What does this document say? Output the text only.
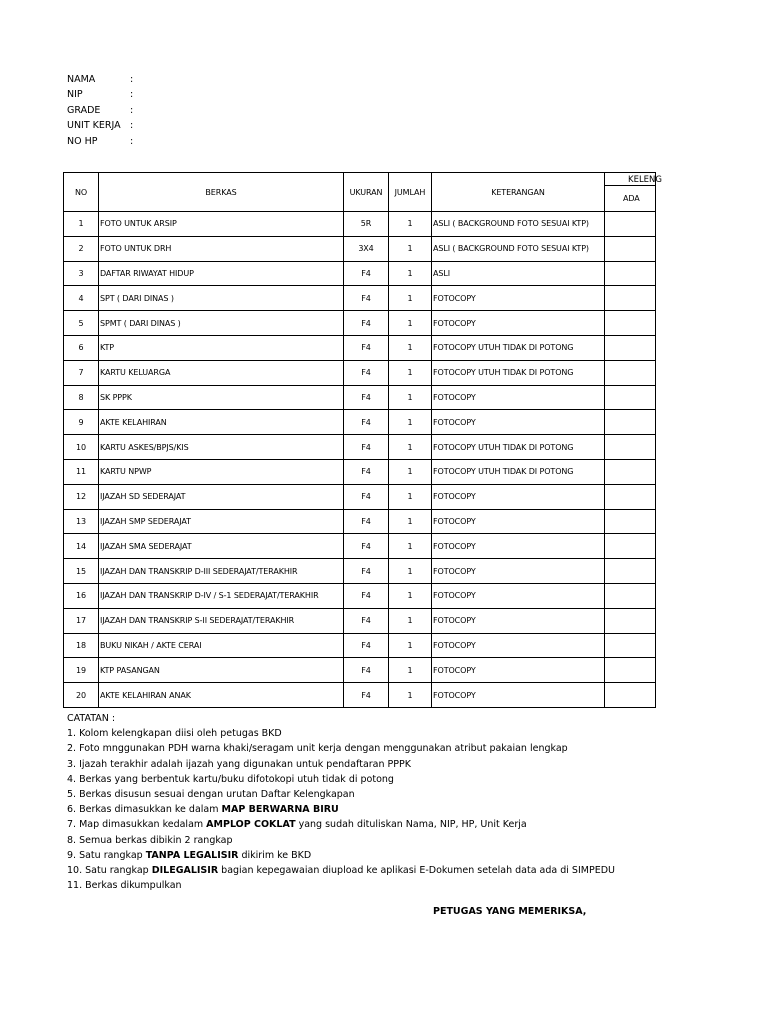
NAMA	:
NIP	:
GRADE	:
UNIT KERJA :
NO HP	:
KELENG
NO	BERKAS	UKURAN	JUMLAH	KETERANGAN	
					ADA
1	FOTO UNTUK ARSIP	5R	1	ASLI ( BACKGROUND FOTO SESUAI KTP)	
2	FOTO UNTUK DRH	3X4	1	ASLI ( BACKGROUND FOTO SESUAI KTP)	
3	DAFTAR RIWAYAT HIDUP	F4	1	ASLI	
4	SPT ( DARI DINAS )	F4	1	FOTOCOPY	
5	SPMT ( DARI DINAS )	F4	1	FOTOCOPY	
6	KTP	F4	1	FOTOCOPY UTUH TIDAK DI POTONG	
7	KARTU KELUARGA	F4	1	FOTOCOPY UTUH TIDAK DI POTONG	
8	SK PPPK	F4	1	FOTOCOPY	
9	AKTE KELAHIRAN	F4	1	FOTOCOPY	
10	KARTU ASKES/BPJS/KIS	F4	1	FOTOCOPY UTUH TIDAK DI POTONG	
11	KARTU NPWP	F4	1	FOTOCOPY UTUH TIDAK DI POTONG	
12	IJAZAH SD SEDERAJAT	F4	1	FOTOCOPY	
13	IJAZAH SMP SEDERAJAT	F4	1	FOTOCOPY	
14	IJAZAH SMA SEDERAJAT	F4	1	FOTOCOPY	
15	IJAZAH DAN TRANSKRIP D-III SEDERAJAT/TERAKHIR	F4	1	FOTOCOPY	
16	IJAZAH DAN TRANSKRIP D-IV / S-1 SEDERAJAT/TERAKHIR	F4	1	FOTOCOPY	
17	IJAZAH DAN TRANSKRIP S-II SEDERAJAT/TERAKHIR	F4	1	FOTOCOPY	
18	BUKU NIKAH / AKTE CERAI	F4	1	FOTOCOPY	
19	KTP PASANGAN	F4	1	FOTOCOPY	
20	AKTE KELAHIRAN ANAK	F4	1	FOTOCOPY	
CATATAN :
1. Kolom kelengkapan diisi oleh petugas BKD
2. Foto mnggunakan PDH warna khaki/seragam unit kerja dengan menggunakan atribut pakaian lengkap
3. Ijazah terakhir adalah ijazah yang digunakan untuk pendaftaran PPPK
4. Berkas yang berbentuk kartu/buku difotokopi utuh tidak di potong
5. Berkas disusun sesuai dengan urutan Daftar Kelengkapan
6. Berkas dimasukkan ke dalam MAP BERWARNA BIRU
7. Map dimasukkan kedalam AMPLOP COKLAT yang sudah dituliskan Nama, NIP, HP, Unit Kerja
8. Semua berkas dibikin 2 rangkap
9. Satu rangkap TANPA LEGALISIR dikirim ke BKD
10. Satu rangkap DILEGALISIR bagian kepegawaian diupload ke aplikasi E-Dokumen setelah data ada di SIMPEDU
11. Berkas dikumpulkan
PETUGAS YANG MEMERIKSA,
